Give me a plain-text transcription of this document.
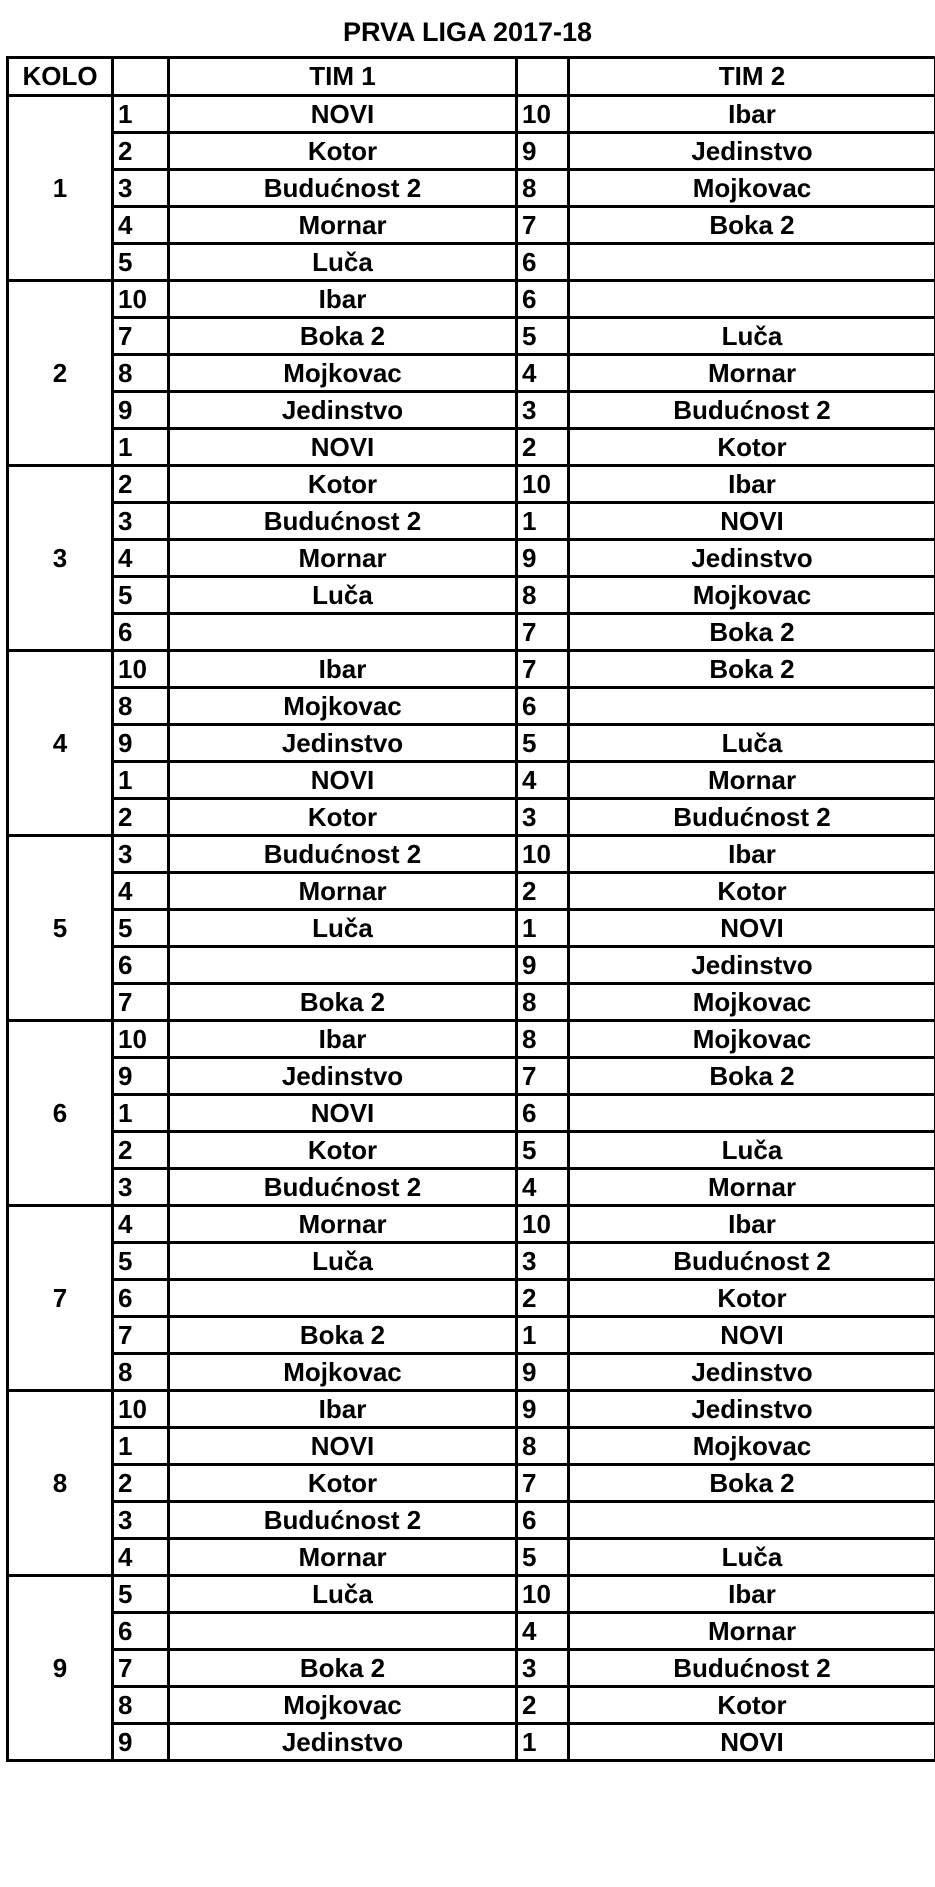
PRVA LIGA 2017-18
KOLO		TIM 1		TIM 2
1	1	NOVI	10	Ibar
	2	Kotor	9	Jedinstvo
	3	Budućnost 2	8	Mojkovac
	4	Mornar	7	Boka 2
	5	Luča	6	
2	10	Ibar	6	
	7	Boka 2	5	Luča
	8	Mojkovac	4	Mornar
	9	Jedinstvo	3	Budućnost 2
	1	NOVI	2	Kotor
3	2	Kotor	10	Ibar
	3	Budućnost 2	1	NOVI
	4	Mornar	9	Jedinstvo
	5	Luča	8	Mojkovac
	6		7	Boka 2
4	10	Ibar	7	Boka 2
	8	Mojkovac	6	
	9	Jedinstvo	5	Luča
	1	NOVI	4	Mornar
	2	Kotor	3	Budućnost 2
5	3	Budućnost 2	10	Ibar
	4	Mornar	2	Kotor
	5	Luča	1	NOVI
	6		9	Jedinstvo
	7	Boka 2	8	Mojkovac
6	10	Ibar	8	Mojkovac
	9	Jedinstvo	7	Boka 2
	1	NOVI	6	
	2	Kotor	5	Luča
	3	Budućnost 2	4	Mornar
7	4	Mornar	10	Ibar
	5	Luča	3	Budućnost 2
	6		2	Kotor
	7	Boka 2	1	NOVI
	8	Mojkovac	9	Jedinstvo
8	10	Ibar	9	Jedinstvo
	1	NOVI	8	Mojkovac
	2	Kotor	7	Boka 2
	3	Budućnost 2	6	
	4	Mornar	5	Luča
9	5	Luča	10	Ibar
	6		4	Mornar
	7	Boka 2	3	Budućnost 2
	8	Mojkovac	2	Kotor
	9	Jedinstvo	1	NOVI
